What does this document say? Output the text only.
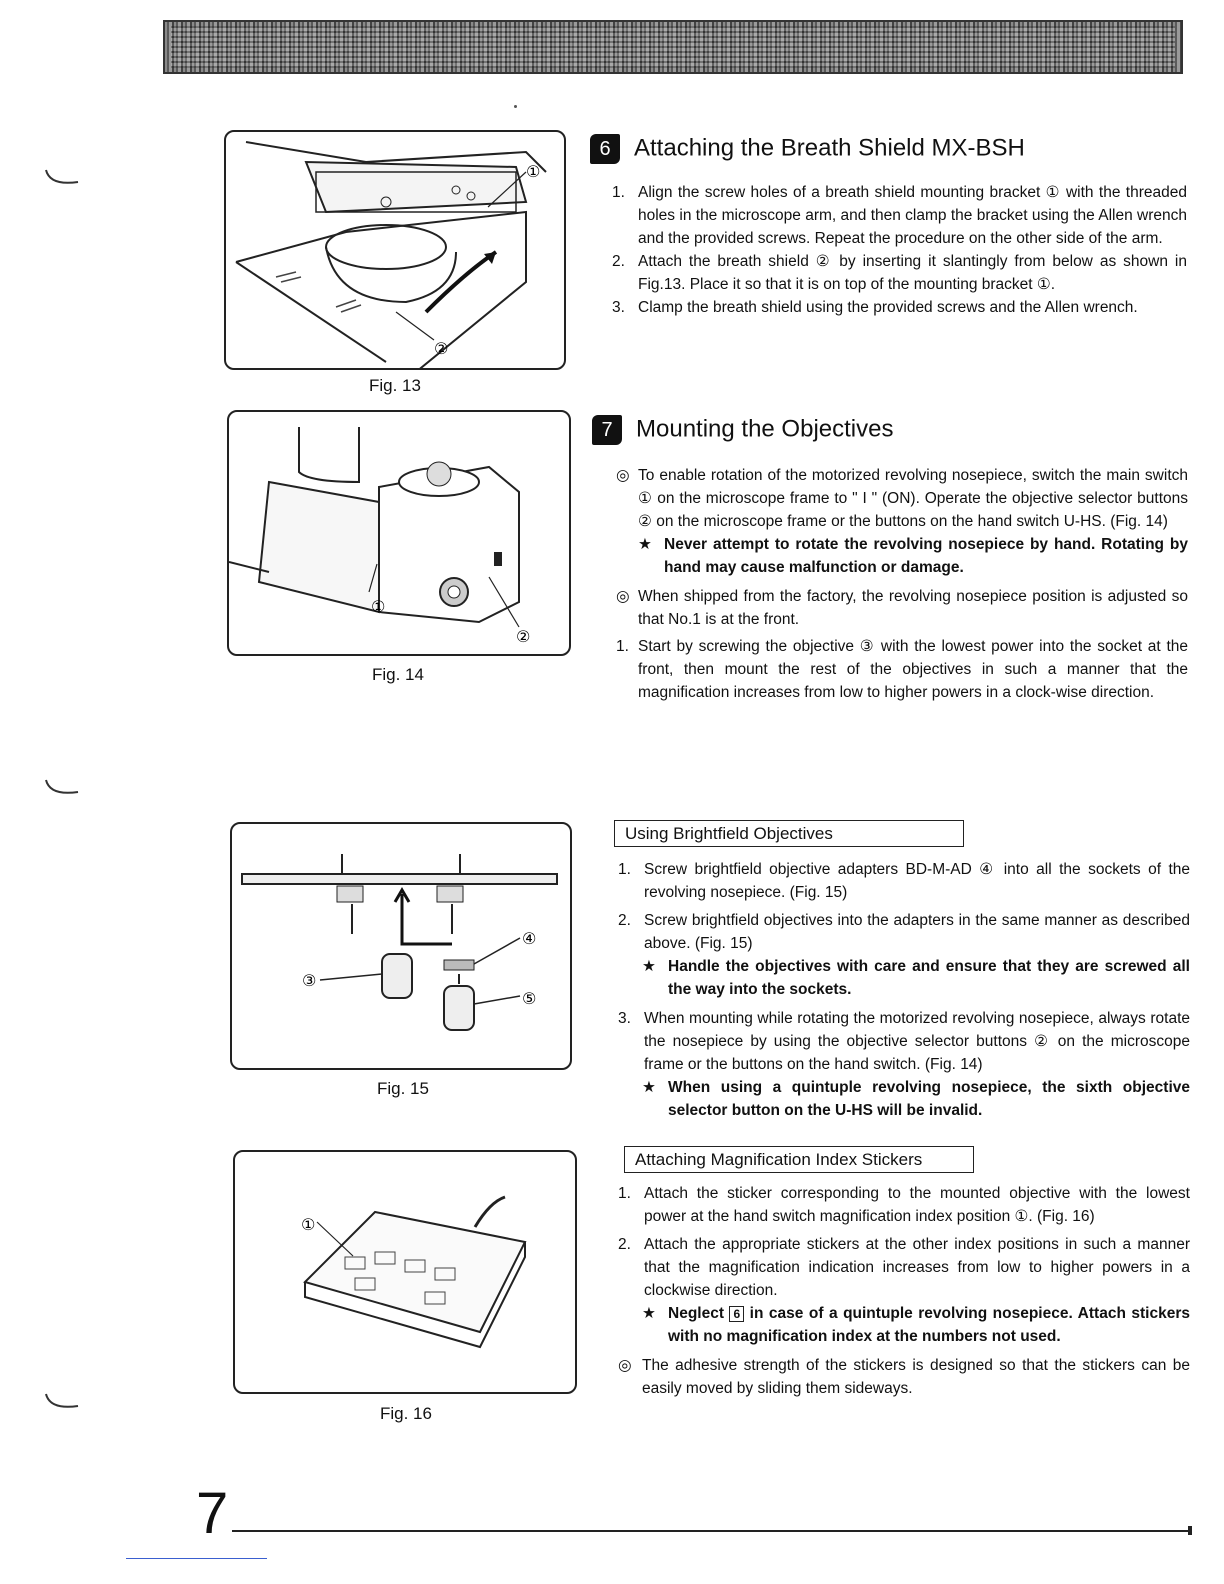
①
②
Fig. 13
①
②
Fig. 14
③
④
⑤
Fig. 15
①
Fig. 16
6 Attaching the Breath Shield MX-BSH

1. Align the screw holes of a breath shield mounting bracket ① with the threaded holes in the microscope arm, and then clamp the bracket using the Allen wrench and the provided screws. Repeat the procedure on the other side of the arm.

2. Attach the breath shield ② by inserting it slantingly from below as shown in Fig.13. Place it so that it is on top of the mounting bracket ①.

3. Clamp the breath shield using the provided screws and the Allen wrench.

7 Mounting the Objectives

◎ To enable rotation of the motorized revolving nosepiece, switch the main switch ① on the microscope frame to " I " (ON). Operate the objective selector buttons ② on the microscope frame or the buttons on the hand switch U-HS. (Fig. 14)

★ Never attempt to rotate the revolving nosepiece by hand. Rotating by hand may cause malfunction or damage.

◎ When shipped from the factory, the revolving nosepiece position is adjusted so that No.1 is at the front.

1. Start by screwing the objective ③ with the lowest power into the socket at the front, then mount the rest of the objectives in such a manner that the magnification increases from low to higher powers in a clock-wise direction.

Using Brightfield Objectives

1. Screw brightfield objective adapters BD-M-AD ④ into all the sockets of the revolving nosepiece. (Fig. 15)

2. Screw brightfield objectives into the adapters in the same manner as described above. (Fig. 15)

★ Handle the objectives with care and ensure that they are screwed all the way into the sockets.

3. When mounting while rotating the motorized revolving nosepiece, always rotate the nosepiece by using the objective selector buttons ② on the microscope frame or the buttons on the hand switch. (Fig. 14)

★ When using a quintuple revolving nosepiece, the sixth objective selector button on the U-HS will be invalid.
Attaching Magnification Index Stickers

1. Attach the sticker corresponding to the mounted objective with the lowest power at the hand switch magnification index position ①. (Fig. 16)

2. Attach the appropriate stickers at the other index positions in such a manner that the magnification indication increases from low to higher powers in a clockwise direction.

★ Neglect 6 in case of a quintuple revolving nosepiece. Attach stickers with no magnification index at the numbers not used.

◎ The adhesive strength of the stickers is designed so that the stickers can be easily moved by sliding them sideways.

7
